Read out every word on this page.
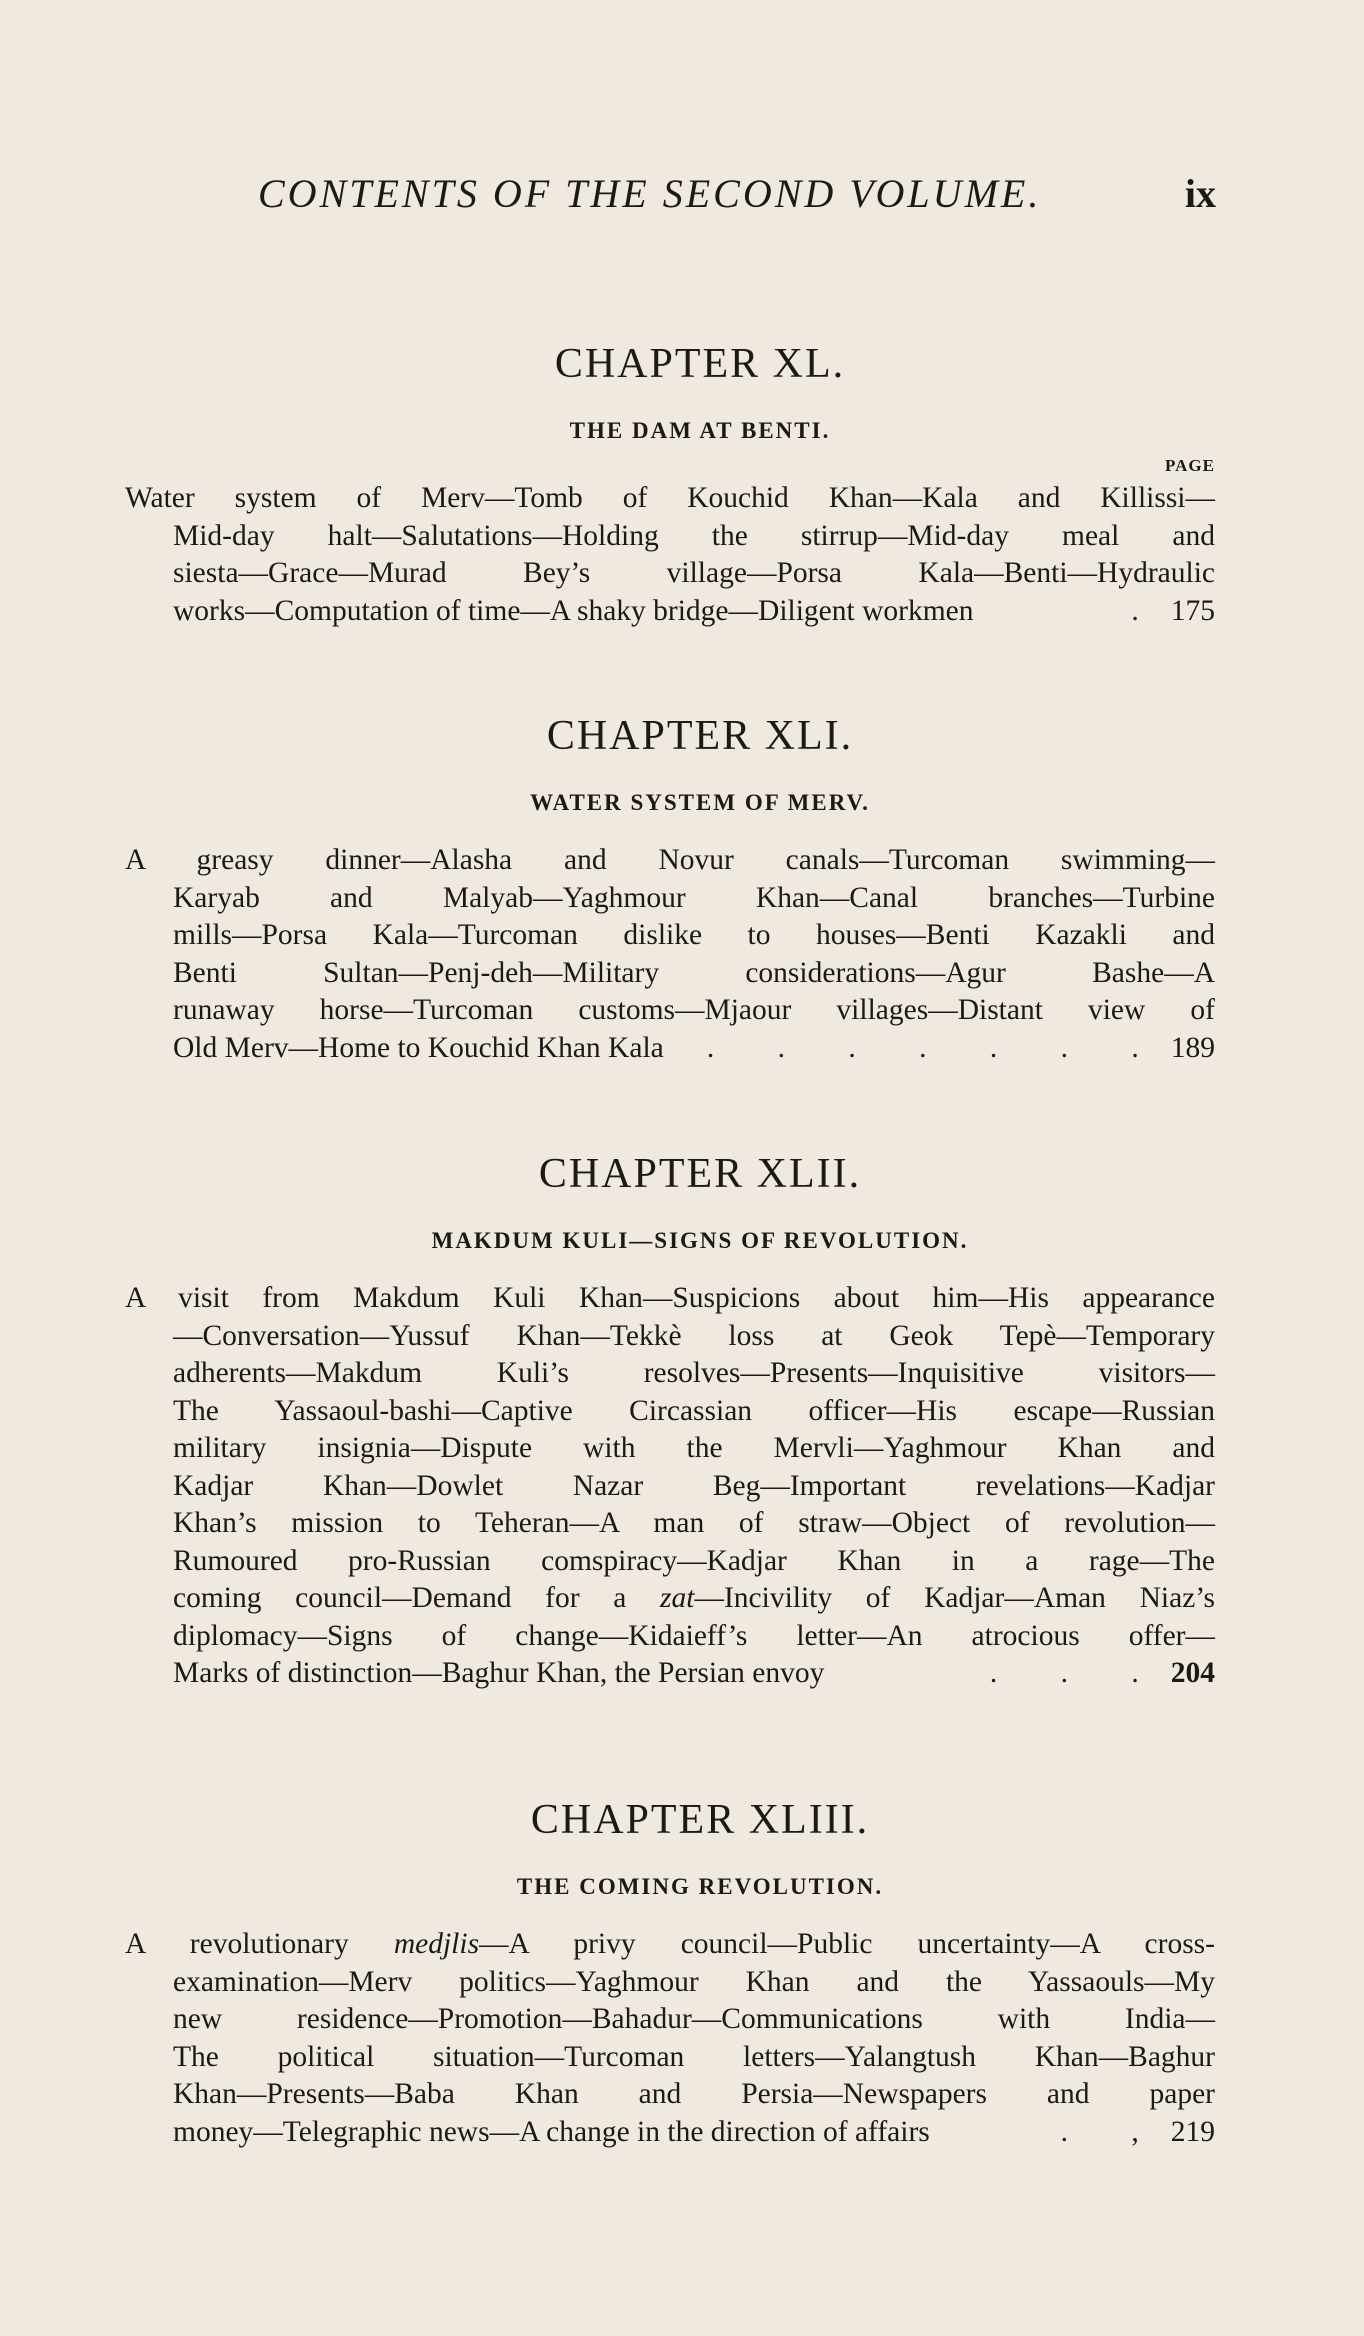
CONTENTS OF THE SECOND VOLUME.	ix
CHAPTER XL.
THE DAM AT BENTI.
PAGE
Water system of Merv—Tomb of Kouchid Khan—Kala and Killissi—
Mid-day halt—Salutations—Holding the stirrup—Mid-day meal and
siesta—Grace—Murad Bey’s village—Porsa Kala—Benti—Hydraulic
works—Computation of time—A shaky bridge—Diligent workmen	. 175
CHAPTER XLI.
WATER SYSTEM OF MERV.
A greasy dinner—Alasha and Novur canals—Turcoman swimming—
Karyab and Malyab—Yaghmour Khan—Canal branches—Turbine
mills—Porsa Kala—Turcoman dislike to houses—Benti Kazakli and
Benti Sultan—Penj-deh—Military considerations—Agur Bashe—A
runaway horse—Turcoman customs—Mjaour villages—Distant view of
Old Merv—Home to Kouchid Khan Kala	. . . . . . . 189
CHAPTER XLII.
MAKDUM KULI—SIGNS OF REVOLUTION.
A visit from Makdum Kuli Khan—Suspicions about him—His appearance
—Conversation—Yussuf Khan—Tekkè loss at Geok Tepè—Temporary
adherents—Makdum Kuli’s resolves—Presents—Inquisitive visitors—
The Yassaoul-bashi—Captive Circassian officer—His escape—Russian
military insignia—Dispute with the Mervli—Yaghmour Khan and
Kadjar Khan—Dowlet Nazar Beg—Important revelations—Kadjar
Khan’s mission to Teheran—A man of straw—Object of revolution—
Rumoured pro-Russian comspiracy—Kadjar Khan in a rage—The
coming council—Demand for a zat—Incivility of Kadjar—Aman Niaz’s
diplomacy—Signs of change—Kidaieff’s letter—An atrocious offer—
Marks of distinction—Baghur Khan, the Persian envoy	. . . 204
CHAPTER XLIII.
THE COMING REVOLUTION.
A revolutionary medjlis—A privy council—Public uncertainty—A cross-
examination—Merv politics—Yaghmour Khan and the Yassaouls—My
new residence—Promotion—Bahadur—Communications with India—
The political situation—Turcoman letters—Yalangtush Khan—Baghur
Khan—Presents—Baba Khan and Persia—Newspapers and paper
money—Telegraphic news—A change in the direction of affairs	. , 219
